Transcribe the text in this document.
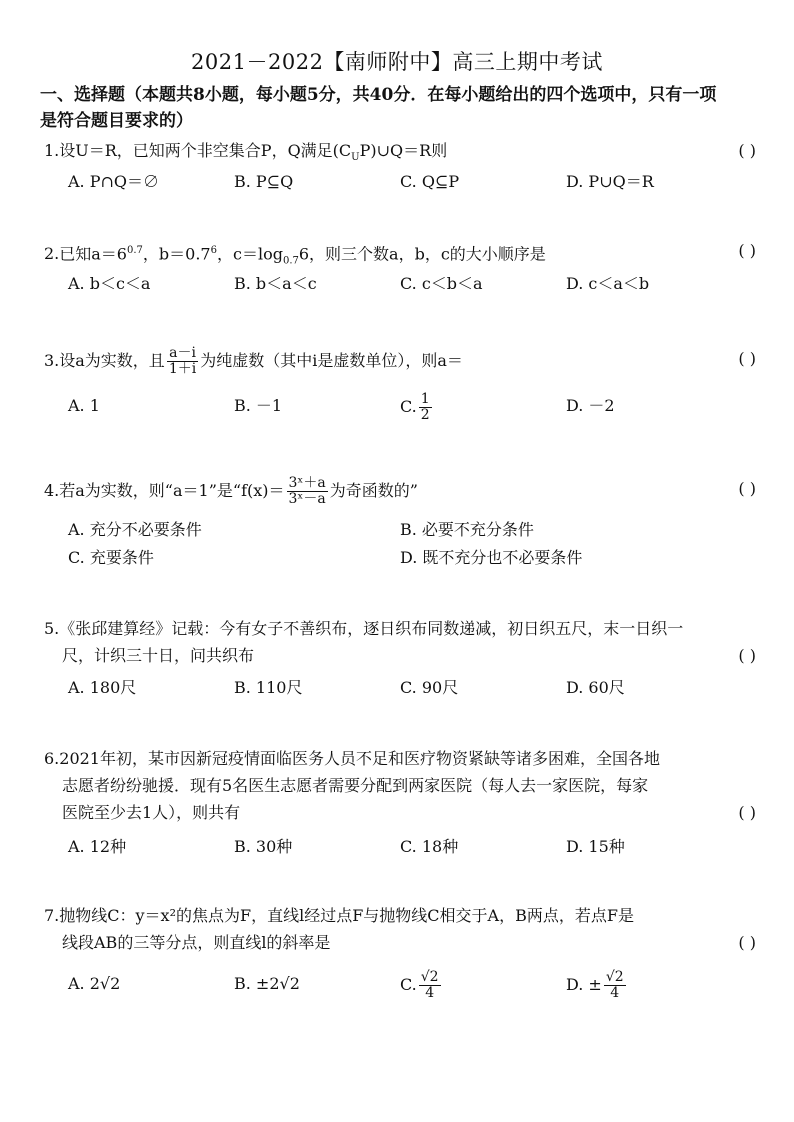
2021－2022【南师附中】高三上期中考试
一、选择题（本题共8小题，每小题5分，共40分．在每小题给出的四个选项中，只有一项
是符合题目要求的）
1.设U＝R，已知两个非空集合P，Q满足$(C_UP)\cup Q=R$则	( )
A. P∩Q＝∅	B. P⊆Q	C. Q⊆P	D. P∪Q＝R
2.已知$a=6^{0.7}$，$b=0.7^6$，$c=\log_{0.7}6$，则三个数a，b，c的大小顺序是	( )
A. b＜c＜a	B. b＜a＜c	C. c＜b＜a	D. c＜a＜b
3.设a为实数，且 $\frac{a-i}{1+i}$ 为纯虚数（其中i是虚数单位），则a＝	( )
A. 1	B. －1	C. $\frac{1}{2}$	D. －2
4.若a为实数，则“a＝1”是“$f(x)= \frac{\text{3ˣ＋a}}{\text{3ˣ－a}}$ 为奇函数的”	( )
A. 充分不必要条件	B. 必要不充分条件
C. 充要条件	D. 既不充分也不必要条件
5.《张邱建算经》记载：今有女子不善织布，逐日织布同数递减，初日织五尺，末一日织一
尺，计织三十日，问共织布	( )
A. 180尺	B. 110尺	C. 90尺	D. 60尺
6.2021年初，某市因新冠疫情面临医务人员不足和医疗物资紧缺等诸多困难，全国各地
志愿者纷纷驰援．现有5名医生志愿者需要分配到两家医院（每人去一家医院，每家
医院至少去1人），则共有	( )
A. 12种	B. 30种	C. 18种	D. 15种
7.抛物线C：y＝x²的焦点为F，直线l经过点F与抛物线C相交于A，B两点，若点F是
线段AB的三等分点，则直线l的斜率是	( )
A. 2√2	B. ±2√2	C. $\frac{√2}{4}$	D. ± $\frac{√2}{4}$
